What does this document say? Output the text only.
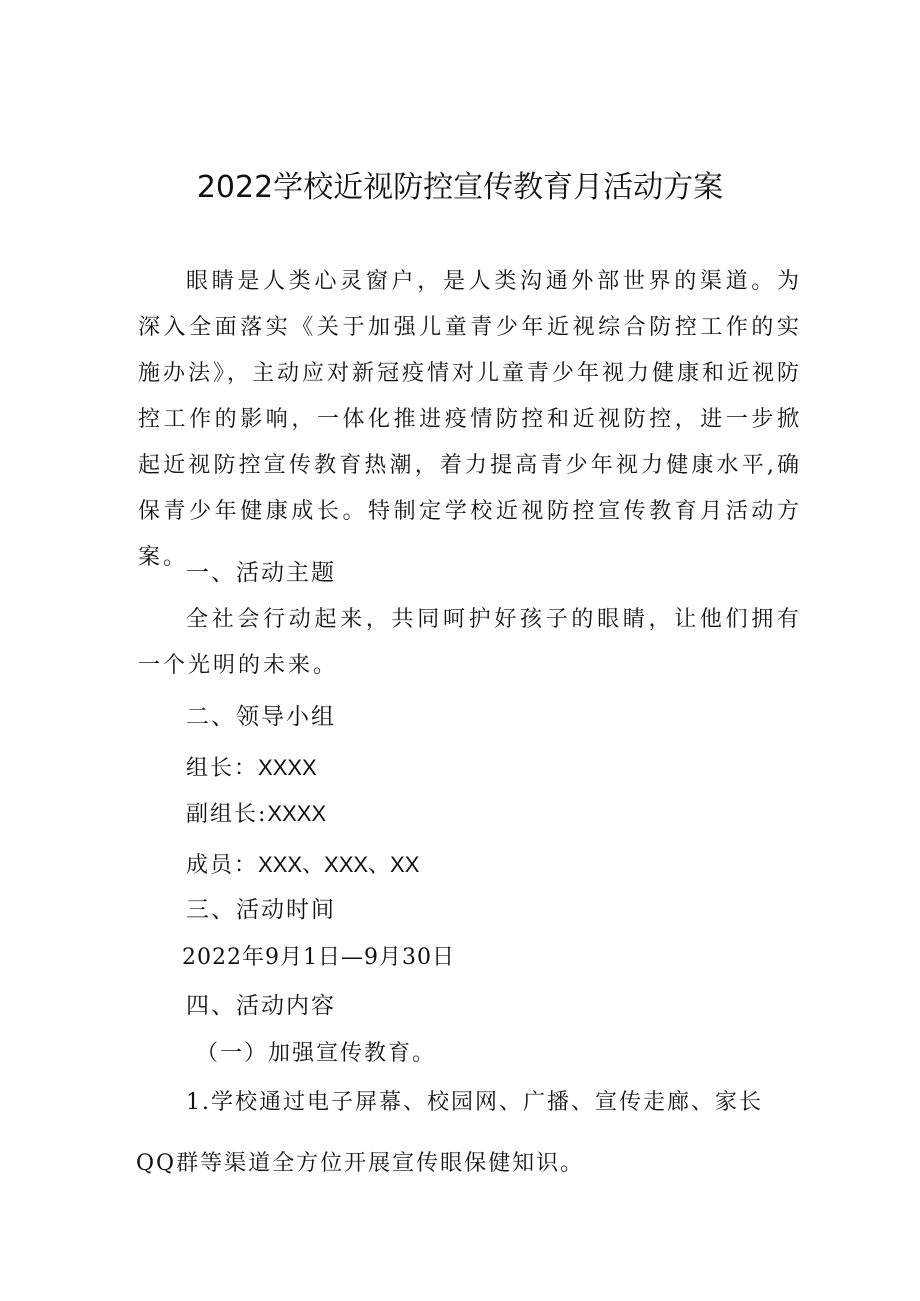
2022学校近视防控宣传教育月活动方案

眼睛是人类心灵窗户，是人类沟通外部世界的渠道。为深入全面落实《关于加强儿童青少年近视综合防控工作的实施办法》，主动应对新冠疫情对儿童青少年视力健康和近视防控工作的影响，一体化推进疫情防控和近视防控，进一步掀起近视防控宣传教育热潮，着力提高青少年视力健康水平,确保青少年健康成长。特制定学校近视防控宣传教育月活动方案。

一、活动主题

全社会行动起来，共同呵护好孩子的眼睛，让他们拥有一个光明的未来。

二、领导小组
组长：XXXX
副组长:XXXX
成员：XXX、XXX、XX
三、活动时间
2022年9月1日—9月30日
四、活动内容
（一）加强宣传教育。
1.学校通过电子屏幕、校园网、广播、宣传走廊、家长
QQ群等渠道全方位开展宣传眼保健知识。
